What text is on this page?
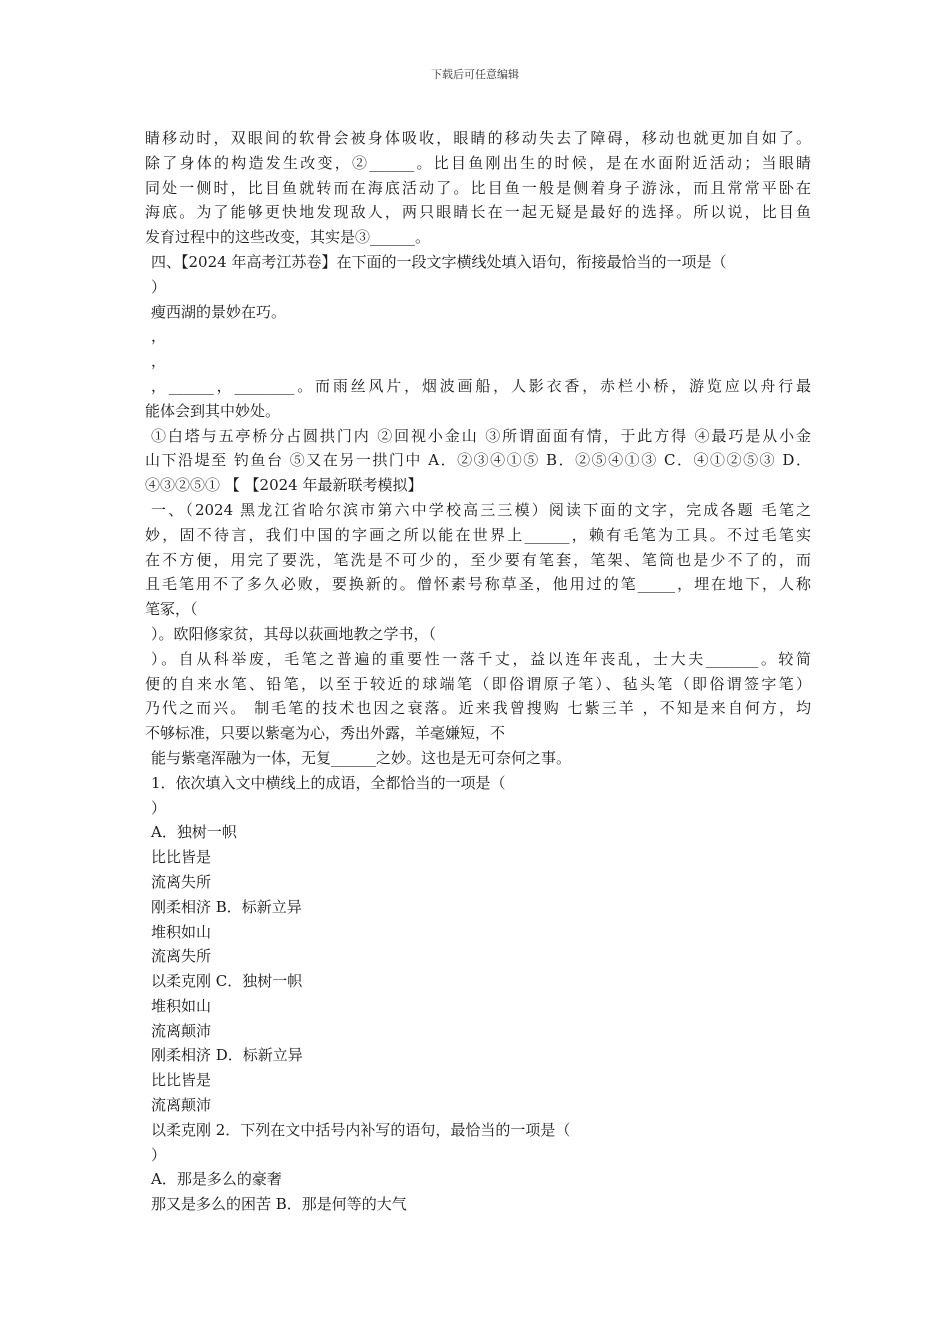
下载后可任意编辑
睛移动时，双眼间的软骨会被身体吸收，眼睛的移动失去了障碍，移动也就更加自如了。
除了身体的构造发生改变，②______。比目鱼刚出生的时候，是在水面附近活动；当眼睛
同处一侧时，比目鱼就转而在海底活动了。比目鱼一般是侧着身子游泳，而且常常平卧在
海底。为了能够更快地发现敌人，两只眼睛长在一起无疑是最好的选择。所以说，比目鱼
发育过程中的这些改变，其实是③______。
四、【2024 年高考江苏卷】在下面的一段文字横线处填入语句，衔接最恰当的一项是（
）
瘦西湖的景妙在巧。
，
，
，______，________。而雨丝风片，烟波画船，人影衣香，赤栏小桥，游览应以舟行最
能体会到其中妙处。
①白塔与五亭桥分占圆拱门内 ②回视小金山 ③所谓面面有情，于此方得 ④最巧是从小金
山下沿堤至 钓鱼台 ⑤又在另一拱门中 A．②③④①⑤ B．②⑤④①③ C．④①②⑤③ D．
④③②⑤① 【 【2024 年最新联考模拟】
一、（2024 黑龙江省哈尔滨市第六中学校高三三模）阅读下面的文字，完成各题 毛笔之
妙，固不待言，我们中国的字画之所以能在世界上______，赖有毛笔为工具。不过毛笔实
在不方便，用完了要洗，笔洗是不可少的，至少要有笔套，笔架、笔筒也是少不了的，而
且毛笔用不了多久必败，要换新的。僧怀素号称草圣，他用过的笔_____，埋在地下，人称
笔冢，（
）。欧阳修家贫，其母以荻画地教之学书，（
）。自从科举废，毛笔之普遍的重要性一落千丈，益以连年丧乱，士大夫_______。较简
便的自来水笔、铅笔，以至于较近的球端笔（即俗谓原子笔）、毡头笔（即俗谓签字笔）
乃代之而兴。 制毛笔的技术也因之衰落。近来我曾搜购 七紫三羊 ，不知是来自何方，均
不够标准，只要以紫毫为心，秀出外露，羊毫嫌短，不
能与紫毫浑融为一体，无复______之妙。这也是无可奈何之事。
1．依次填入文中横线上的成语，全都恰当的一项是（
）
A．独树一帜
比比皆是
流离失所
刚柔相济 B．标新立异
堆积如山
流离失所
以柔克刚 C．独树一帜
堆积如山
流离颠沛
刚柔相济 D．标新立异
比比皆是
流离颠沛
以柔克刚 2．下列在文中括号内补写的语句，最恰当的一项是（
）
A．那是多么的豪奢
那又是多么的困苦 B．那是何等的大气
